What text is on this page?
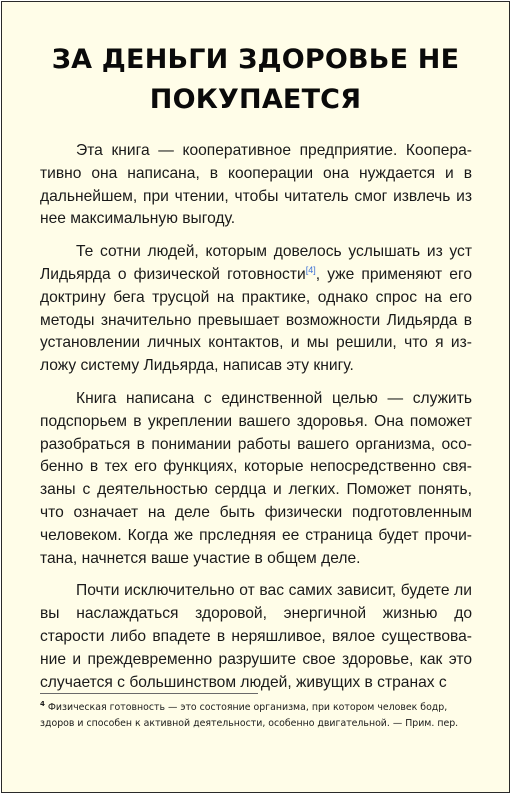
ЗА ДЕНЬГИ ЗДОРОВЬЕ НЕ ПОКУПАЕТСЯ

Эта книга — кооперативное предприятие. Кооперативно она написана, в кооперации она нуждается и в дальнейшем, при чтении, чтобы читатель смог извлечь из нее максимальную выгоду.

Те сотни людей, которым довелось услышать из уст Лидьярда о физической готовности[4], уже применяют его доктрину бега трусцой на практике, однако спрос на его методы значительно превышает возможности Лидьярда в установлении личных контактов, и мы решили, что я изложу систему Лидьярда, написав эту книгу.

Книга написана с единственной целью — служить подспорьем в укреплении вашего здоровья. Она поможет разобраться в понимании работы вашего организма, особенно в тех его функциях, которые непосредственно связаны с деятельностью сердца и легких. Поможет понять, что означает на деле быть физически подготовленным человеком. Когда же прследняя ее страница будет прочитана, начнется ваше участие в общем деле.

Почти исключительно от вас самих зависит, будете ли вы наслаждаться здоровой, энергичной жизнью до старости либо впадете в неряшливое, вялое существование и преждевременно разрушите свое здоровье, как это случается с большинством людей, живущих в странах с

$^4$ Физическая готовность — это состояние организма, при котором человек бодр, здоров и способен к активной деятельности, особенно двигательной. — Прим. пер.
